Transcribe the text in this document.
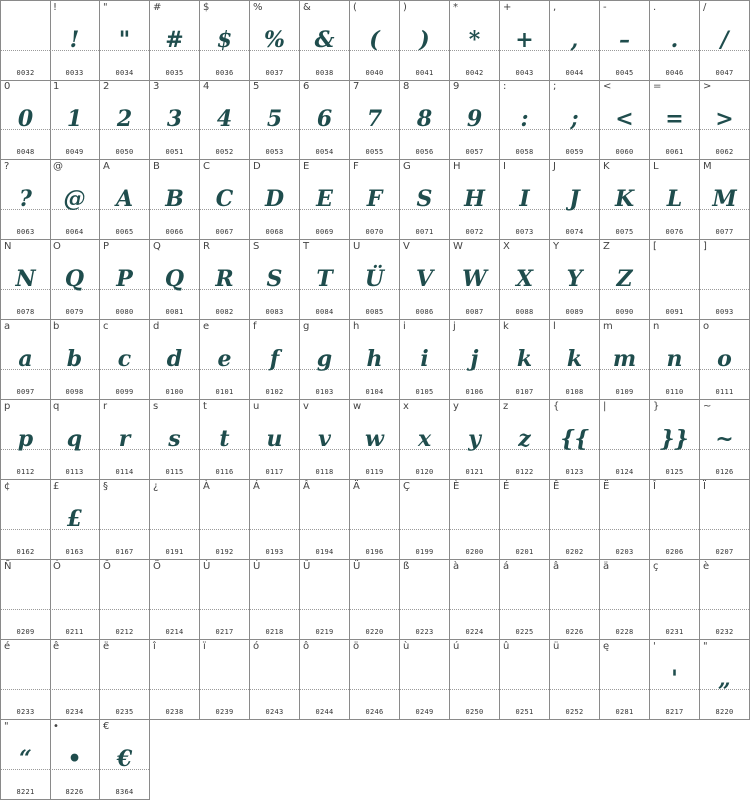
0032
!
!
0033
"
"
0034
#
#
0035
$
$
0036
%
%
0037
&
&
0038
(
(
0040
)
)
0041
*
*
0042
+
+
0043
,
,
0044
-
–
0045
.
.
0046
/
/
0047
0
0
0048
1
1
0049
2
2
0050
3
3
0051
4
4
0052
5
5
0053
6
6
0054
7
7
0055
8
8
0056
9
9
0057
:
:
0058
;
;
0059
<
<
0060
=
=
0061
>
>
0062
?
?
0063
@
@
0064
A
A
0065
B
B
0066
C
C
0067
D
D
0068
E
E
0069
F
F
0070
G
S
0071
H
H
0072
I
I
0073
J
J
0074
K
K
0075
L
L
0076
M
M
0077
N
N
0078
O
Q
0079
P
P
0080
Q
Q
0081
R
R
0082
S
S
0083
T
T
0084
U
Ü
0085
V
V
0086
W
W
0087
X
X
0088
Y
Y
0089
Z
Z
0090
[
0091
]
0093
a
a
0097
b
b
0098
c
c
0099
d
d
0100
e
e
0101
f
f
0102
g
g
0103
h
h
0104
i
i
0105
j
j
0106
k
k
0107
l
k
0108
m
m
0109
n
n
0110
o
o
0111
p
p
0112
q
q
0113
r
r
0114
s
s
0115
t
t
0116
u
u
0117
v
v
0118
w
w
0119
x
x
0120
y
y
0121
z
z
0122
{
{{
0123
|
0124
}
}}
0125
~
~
0126
¢
0162
£
£
0163
§
0167
¿
0191
À
0192
Á
0193
Â
0194
Ä
0196
Ç
0199
È
0200
É
0201
Ê
0202
Ë
0203
Î
0206
Ï
0207
Ñ
0209
Ó
0211
Ô
0212
Ö
0214
Ù
0217
Ú
0218
Û
0219
Ü
0220
ß
0223
à
0224
á
0225
â
0226
ä
0228
ç
0231
è
0232
é
0233
ê
0234
ë
0235
î
0238
ï
0239
ó
0243
ô
0244
ö
0246
ù
0249
ú
0250
û
0251
ü
0252
ę
0281
'
'
8217
"
„
8220
"
“
8221
•
•
8226
€
€
8364
